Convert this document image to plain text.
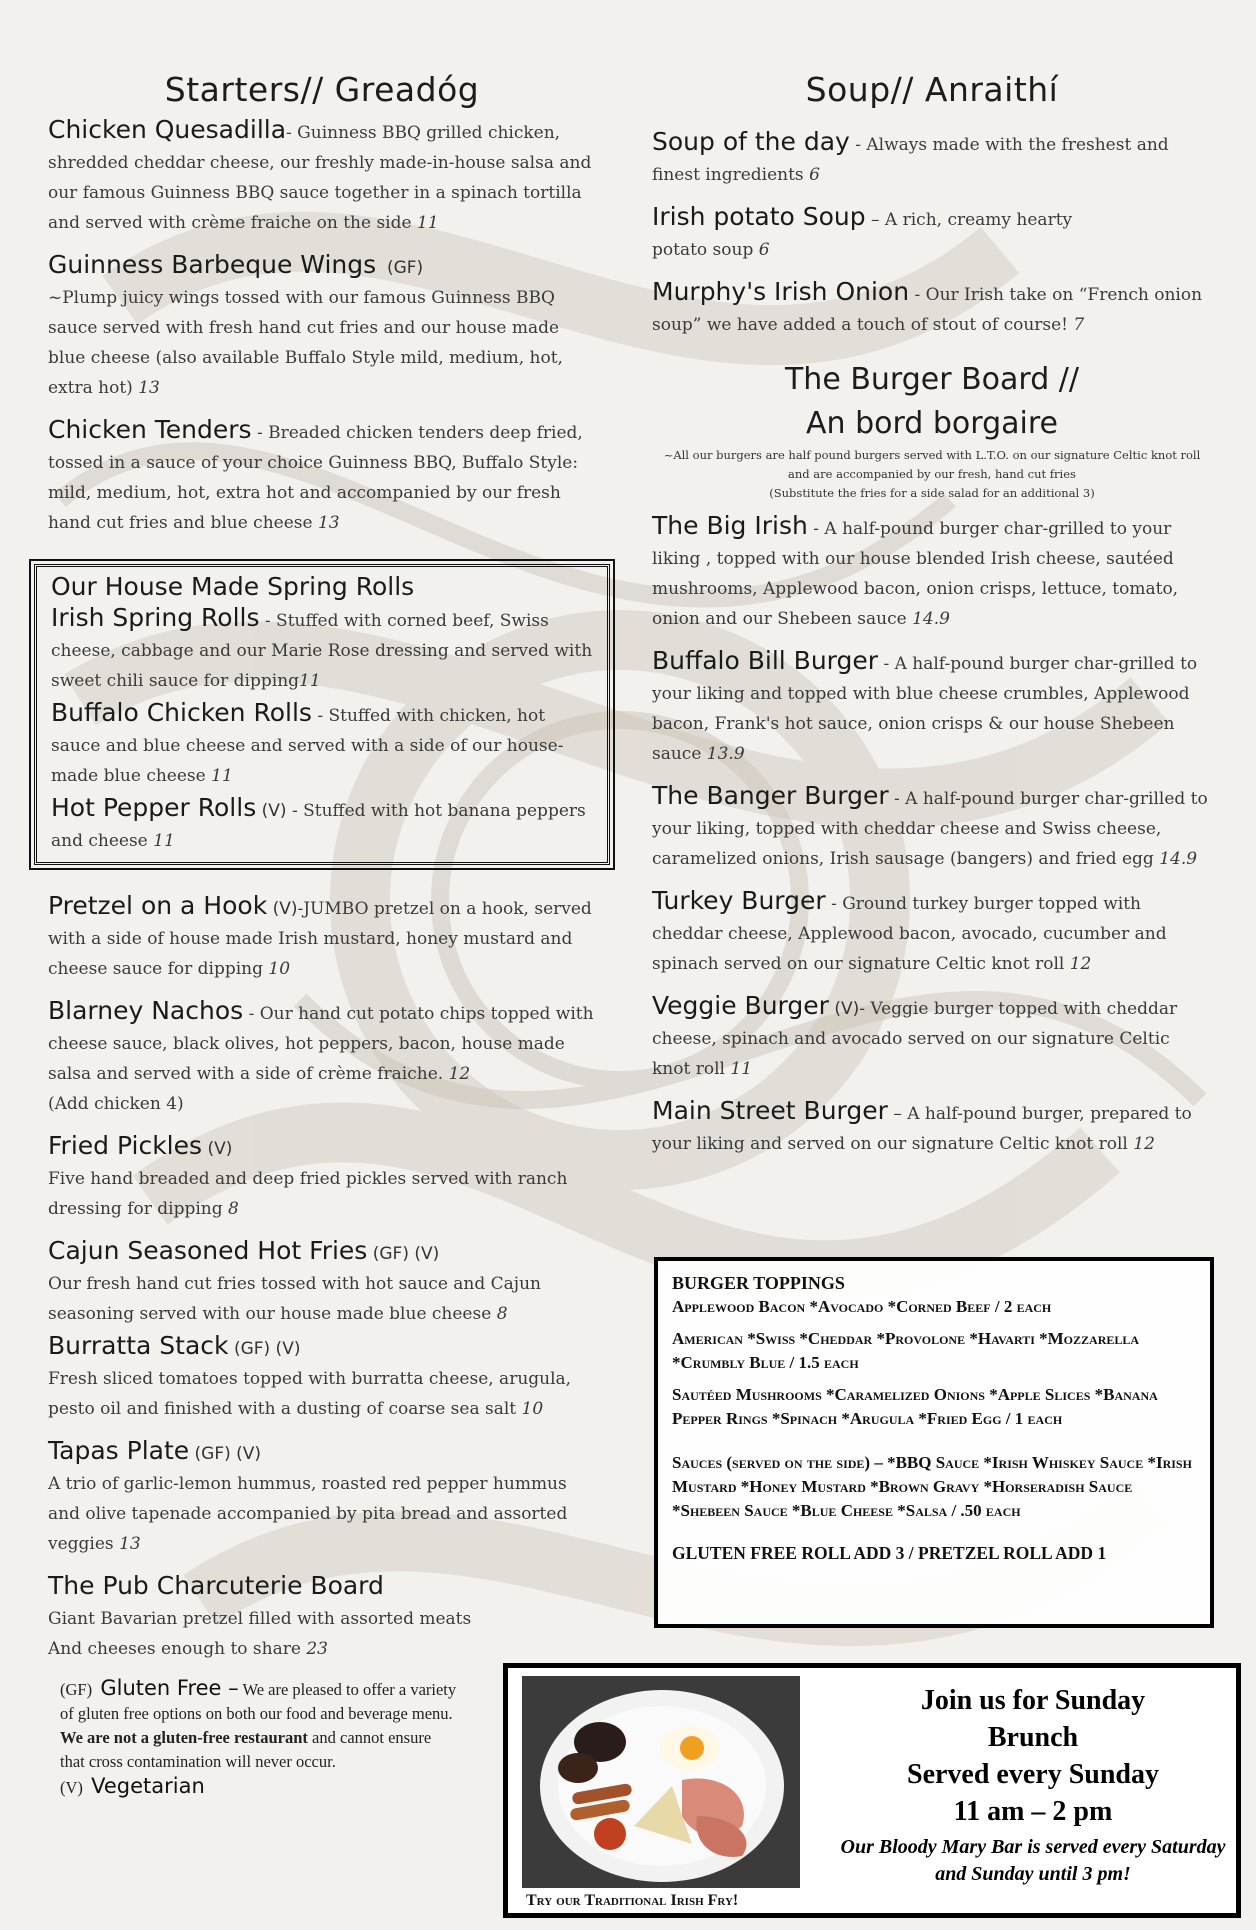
Starters// Greadóg
Chicken Quesadilla- Guinness BBQ grilled chicken, shredded cheddar cheese, our freshly made-in-house salsa and our famous Guinness BBQ sauce together in a spinach tortilla and served with crème fraiche on the side 11
Guinness Barbeque Wings (GF)
~Plump juicy wings tossed with our famous Guinness BBQ sauce served with fresh hand cut fries and our house made blue cheese (also available Buffalo Style mild, medium, hot, extra hot) 13
Chicken Tenders - Breaded chicken tenders deep fried, tossed in a sauce of your choice Guinness BBQ, Buffalo Style: mild, medium, hot, extra hot and accompanied by our fresh hand cut fries and blue cheese 13
Our House Made Spring Rolls
Irish Spring Rolls - Stuffed with corned beef, Swiss cheese, cabbage and our Marie Rose dressing and served with sweet chili sauce for dipping11
Buffalo Chicken Rolls - Stuffed with chicken, hot sauce and blue cheese and served with a side of our house-made blue cheese 11
Hot Pepper Rolls (V) - Stuffed with hot banana peppers and cheese 11
Pretzel on a Hook (V)-JUMBO pretzel on a hook, served with a side of house made Irish mustard, honey mustard and cheese sauce for dipping 10
Blarney Nachos - Our hand cut potato chips topped with cheese sauce, black olives, hot peppers, bacon, house made salsa and served with a side of crème fraiche. 12
(Add chicken 4)
Fried Pickles (V)
Five hand breaded and deep fried pickles served with ranch dressing for dipping 8
Cajun Seasoned Hot Fries (GF) (V)
Our fresh hand cut fries tossed with hot sauce and Cajun seasoning served with our house made blue cheese 8
Burratta Stack (GF) (V)
Fresh sliced tomatoes topped with burratta cheese, arugula, pesto oil and finished with a dusting of coarse sea salt 10
Tapas Plate (GF) (V)
A trio of garlic-lemon hummus, roasted red pepper hummus and olive tapenade accompanied by pita bread and assorted veggies 13
The Pub Charcuterie Board
Giant Bavarian pretzel filled with assorted meats And cheeses enough to share 23
(GF) Gluten Free – We are pleased to offer a variety of gluten free options on both our food and beverage menu. We are not a gluten-free restaurant and cannot ensure that cross contamination will never occur.
(V) Vegetarian
Soup// Anraithí
Soup of the day - Always made with the freshest and finest ingredients 6
Irish potato Soup – A rich, creamy hearty potato soup 6
Murphy's Irish Onion - Our Irish take on “French onion soup” we have added a touch of stout of course! 7
The Burger Board //
An bord borgaire
~All our burgers are half pound burgers served with L.T.O. on our signature Celtic knot roll and are accompanied by our fresh, hand cut fries
(Substitute the fries for a side salad for an additional 3)
The Big Irish - A half-pound burger char-grilled to your liking , topped with our house blended Irish cheese, sautéed mushrooms, Applewood bacon, onion crisps, lettuce, tomato, onion and our Shebeen sauce 14.9
Buffalo Bill Burger - A half-pound burger char-grilled to your liking and topped with blue cheese crumbles, Applewood bacon, Frank's hot sauce, onion crisps & our house Shebeen sauce 13.9
The Banger Burger - A half-pound burger char-grilled to your liking, topped with cheddar cheese and Swiss cheese, caramelized onions, Irish sausage (bangers) and fried egg 14.9
Turkey Burger - Ground turkey burger topped with cheddar cheese, Applewood bacon, avocado, cucumber and spinach served on our signature Celtic knot roll 12
Veggie Burger (V)- Veggie burger topped with cheddar cheese, spinach and avocado served on our signature Celtic knot roll 11
Main Street Burger – A half-pound burger, prepared to your liking and served on our signature Celtic knot roll 12

BURGER TOPPINGS

Applewood Bacon *Avocado *Corned Beef / 2 each

American *Swiss *Cheddar *Provolone *Havarti *Mozzarella *Crumbly Blue / 1.5 each

Sautéed Mushrooms *Caramelized Onions *Apple Slices *Banana Pepper Rings *Spinach *Arugula *Fried Egg / 1 each

Sauces (served on the side) – *BBQ Sauce *Irish Whiskey Sauce *Irish Mustard *Honey Mustard *Brown Gravy *Horseradish Sauce *Shebeen Sauce *Blue Cheese *Salsa / .50 each

GLUTEN FREE ROLL ADD 3 / PRETZEL ROLL ADD 1

Try our Traditional Irish Fry!
Join us for Sunday
Brunch
Served every Sunday
11 am – 2 pm
Our Bloody Mary Bar is served every Saturday and Sunday until 3 pm!
